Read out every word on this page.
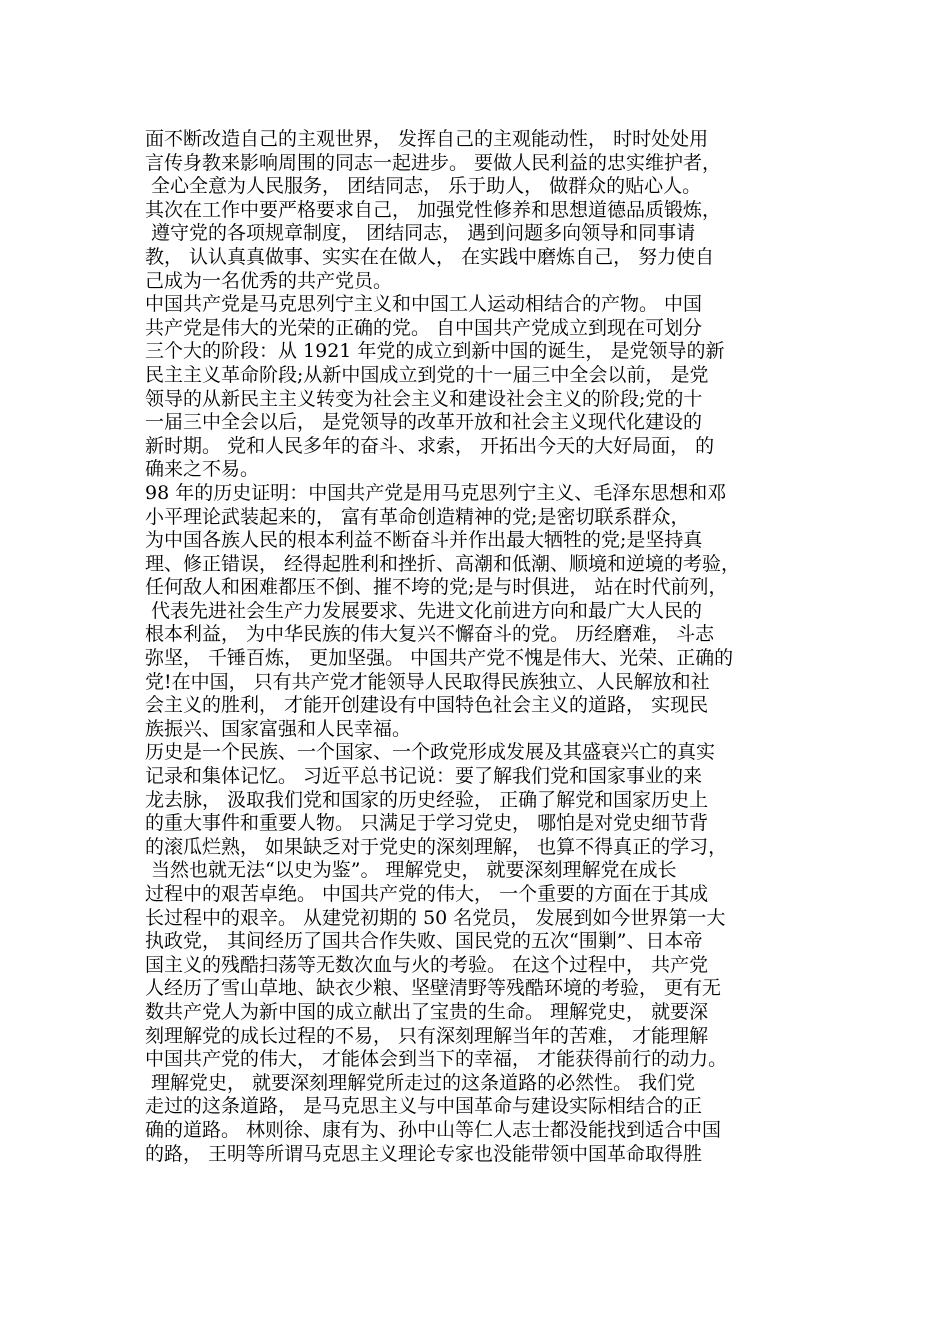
面不断改造自己的主观世界， 发挥自己的主观能动性， 时时处处用
言传身教来影响周围的同志一起进步。 要做人民利益的忠实维护者，
全心全意为人民服务， 团结同志， 乐于助人， 做群众的贴心人。
其次在工作中要严格要求自己， 加强党性修养和思想道德品质锻炼，
遵守党的各项规章制度， 团结同志， 遇到问题多向领导和同事请
教， 认认真真做事、实实在在做人， 在实践中磨炼自己， 努力使自
己成为一名优秀的共产党员。
中国共产党是马克思列宁主义和中国工人运动相结合的产物。 中国
共产党是伟大的光荣的正确的党。 自中国共产党成立到现在可划分
三个大的阶段：从 1921 年党的成立到新中国的诞生， 是党领导的新
民主主义革命阶段;从新中国成立到党的十一届三中全会以前， 是党
领导的从新民主主义转变为社会主义和建设社会主义的阶段;党的十
一届三中全会以后， 是党领导的改革开放和社会主义现代化建设的
新时期。 党和人民多年的奋斗、求索， 开拓出今天的大好局面， 的
确来之不易。
98 年的历史证明：中国共产党是用马克思列宁主义、毛泽东思想和邓
小平理论武装起来的， 富有革命创造精神的党;是密切联系群众，
为中国各族人民的根本利益不断奋斗并作出最大牺牲的党;是坚持真
理、修正错误， 经得起胜利和挫折、高潮和低潮、顺境和逆境的考验，
任何敌人和困难都压不倒、摧不垮的党;是与时俱进， 站在时代前列，
代表先进社会生产力发展要求、先进文化前进方向和最广大人民的
根本利益， 为中华民族的伟大复兴不懈奋斗的党。 历经磨难， 斗志
弥坚， 千锤百炼， 更加坚强。 中国共产党不愧是伟大、光荣、正确的
党!在中国， 只有共产党才能领导人民取得民族独立、人民解放和社
会主义的胜利， 才能开创建设有中国特色社会主义的道路， 实现民
族振兴、国家富强和人民幸福。
历史是一个民族、一个国家、一个政党形成发展及其盛衰兴亡的真实
记录和集体记忆。 习近平总书记说：要了解我们党和国家事业的来
龙去脉， 汲取我们党和国家的历史经验， 正确了解党和国家历史上
的重大事件和重要人物。 只满足于学习党史， 哪怕是对党史细节背
的滚瓜烂熟， 如果缺乏对于党史的深刻理解， 也算不得真正的学习，
当然也就无法“以史为鉴”。 理解党史， 就要深刻理解党在成长
过程中的艰苦卓绝。 中国共产党的伟大， 一个重要的方面在于其成
长过程中的艰辛。 从建党初期的 50 名党员， 发展到如今世界第一大
执政党， 其间经历了国共合作失败、国民党的五次“围剿”、日本帝
国主义的残酷扫荡等无数次血与火的考验。 在这个过程中， 共产党
人经历了雪山草地、缺衣少粮、坚壁清野等残酷环境的考验， 更有无
数共产党人为新中国的成立献出了宝贵的生命。 理解党史， 就要深
刻理解党的成长过程的不易， 只有深刻理解当年的苦难， 才能理解
中国共产党的伟大， 才能体会到当下的幸福， 才能获得前行的动力。
理解党史， 就要深刻理解党所走过的这条道路的必然性。 我们党
走过的这条道路， 是马克思主义与中国革命与建设实际相结合的正
确的道路。 林则徐、康有为、孙中山等仁人志士都没能找到适合中国
的路， 王明等所谓马克思主义理论专家也没能带领中国革命取得胜
